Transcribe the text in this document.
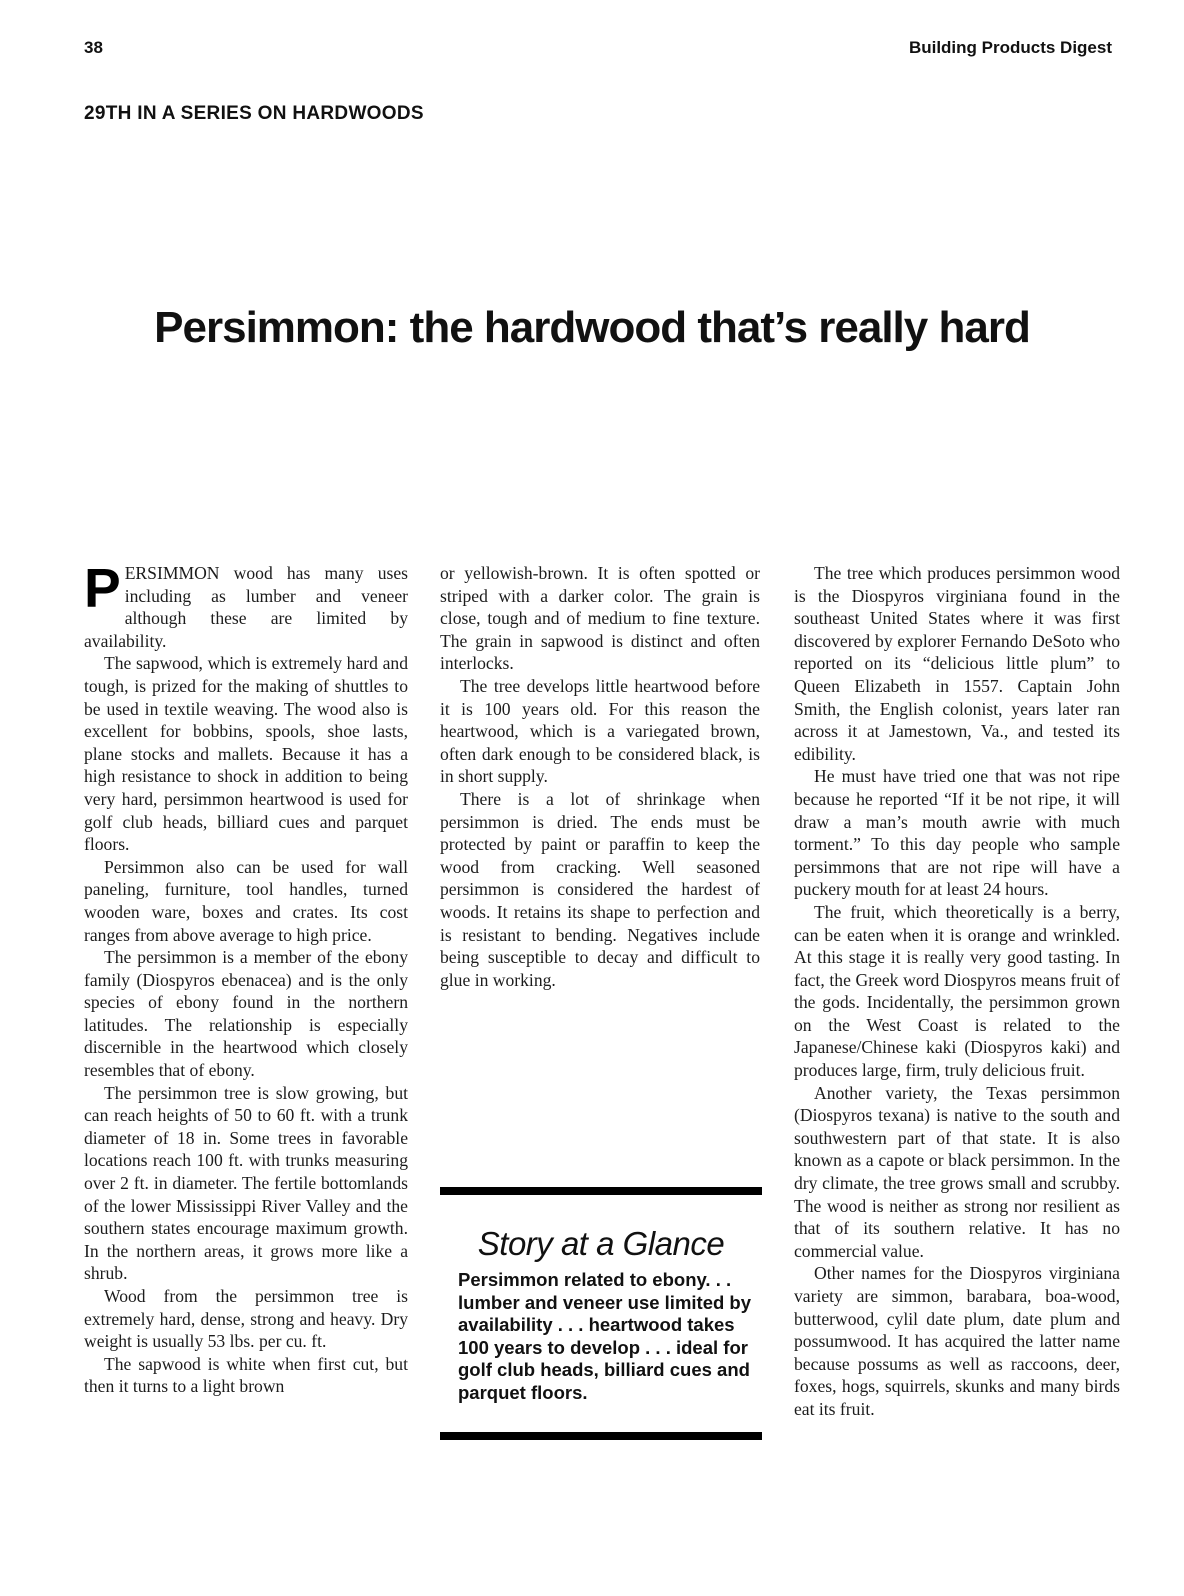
38	Building Products Digest
29TH IN A SERIES ON HARDWOODS
Persimmon: the hardwood that’s really hard

PERSIMMON wood has many uses including as lumber and veneer although these are limited by availability.

The sapwood, which is extremely hard and tough, is prized for the making of shuttles to be used in textile weaving. The wood also is excellent for bobbins, spools, shoe lasts, plane stocks and mallets. Because it has a high resistance to shock in addition to being very hard, persimmon heartwood is used for golf club heads, billiard cues and parquet floors.

Persimmon also can be used for wall paneling, furniture, tool handles, turned wooden ware, boxes and crates. Its cost ranges from above average to high price.

The persimmon is a member of the ebony family (Diospyros ebenacea) and is the only species of ebony found in the northern latitudes. The relationship is especially discernible in the heartwood which closely resembles that of ebony.

The persimmon tree is slow growing, but can reach heights of 50 to 60 ft. with a trunk diameter of 18 in. Some trees in favorable locations reach 100 ft. with trunks measuring over 2 ft. in diameter. The fertile bottomlands of the lower Mississippi River Valley and the southern states encourage maximum growth. In the northern areas, it grows more like a shrub.

Wood from the persimmon tree is extremely hard, dense, strong and heavy. Dry weight is usually 53 lbs. per cu. ft.

The sapwood is white when first cut, but then it turns to a light brown

or yellowish-brown. It is often spotted or striped with a darker color. The grain is close, tough and of medium to fine texture. The grain in sapwood is distinct and often interlocks.

The tree develops little heartwood before it is 100 years old. For this reason the heartwood, which is a variegated brown, often dark enough to be considered black, is in short supply.

There is a lot of shrinkage when persimmon is dried. The ends must be protected by paint or paraffin to keep the wood from cracking. Well seasoned persimmon is considered the hardest of woods. It retains its shape to perfection and is resistant to bending. Negatives include being susceptible to decay and difficult to glue in working.

The tree which produces persimmon wood is the Diospyros virginiana found in the southeast United States where it was first discovered by explorer Fernando DeSoto who reported on its “delicious little plum” to Queen Elizabeth in 1557. Captain John Smith, the English colonist, years later ran across it at Jamestown, Va., and tested its edibility.

He must have tried one that was not ripe because he reported “If it be not ripe, it will draw a man’s mouth awrie with much torment.” To this day people who sample persimmons that are not ripe will have a puckery mouth for at least 24 hours.

The fruit, which theoretically is a berry, can be eaten when it is orange and wrinkled. At this stage it is really very good tasting. In fact, the Greek word Diospyros means fruit of the gods. Incidentally, the persimmon grown on the West Coast is related to the Japanese/Chinese kaki (Diospyros kaki) and produces large, firm, truly delicious fruit.

Another variety, the Texas persimmon (Diospyros texana) is native to the south and southwestern part of that state. It is also known as a capote or black persimmon. In the dry climate, the tree grows small and scrubby. The wood is neither as strong nor resilient as that of its southern relative. It has no commercial value.

Other names for the Diospyros virginiana variety are simmon, barabara, boa-wood, butterwood, cylil date plum, date plum and possumwood. It has acquired the latter name because possums as well as raccoons, deer, foxes, hogs, squirrels, skunks and many birds eat its fruit.

Story at a Glance
Persimmon related to ebony. . . lumber and veneer use limited by availability . . . heartwood takes 100 years to develop . . . ideal for golf club heads, billiard cues and parquet floors.
